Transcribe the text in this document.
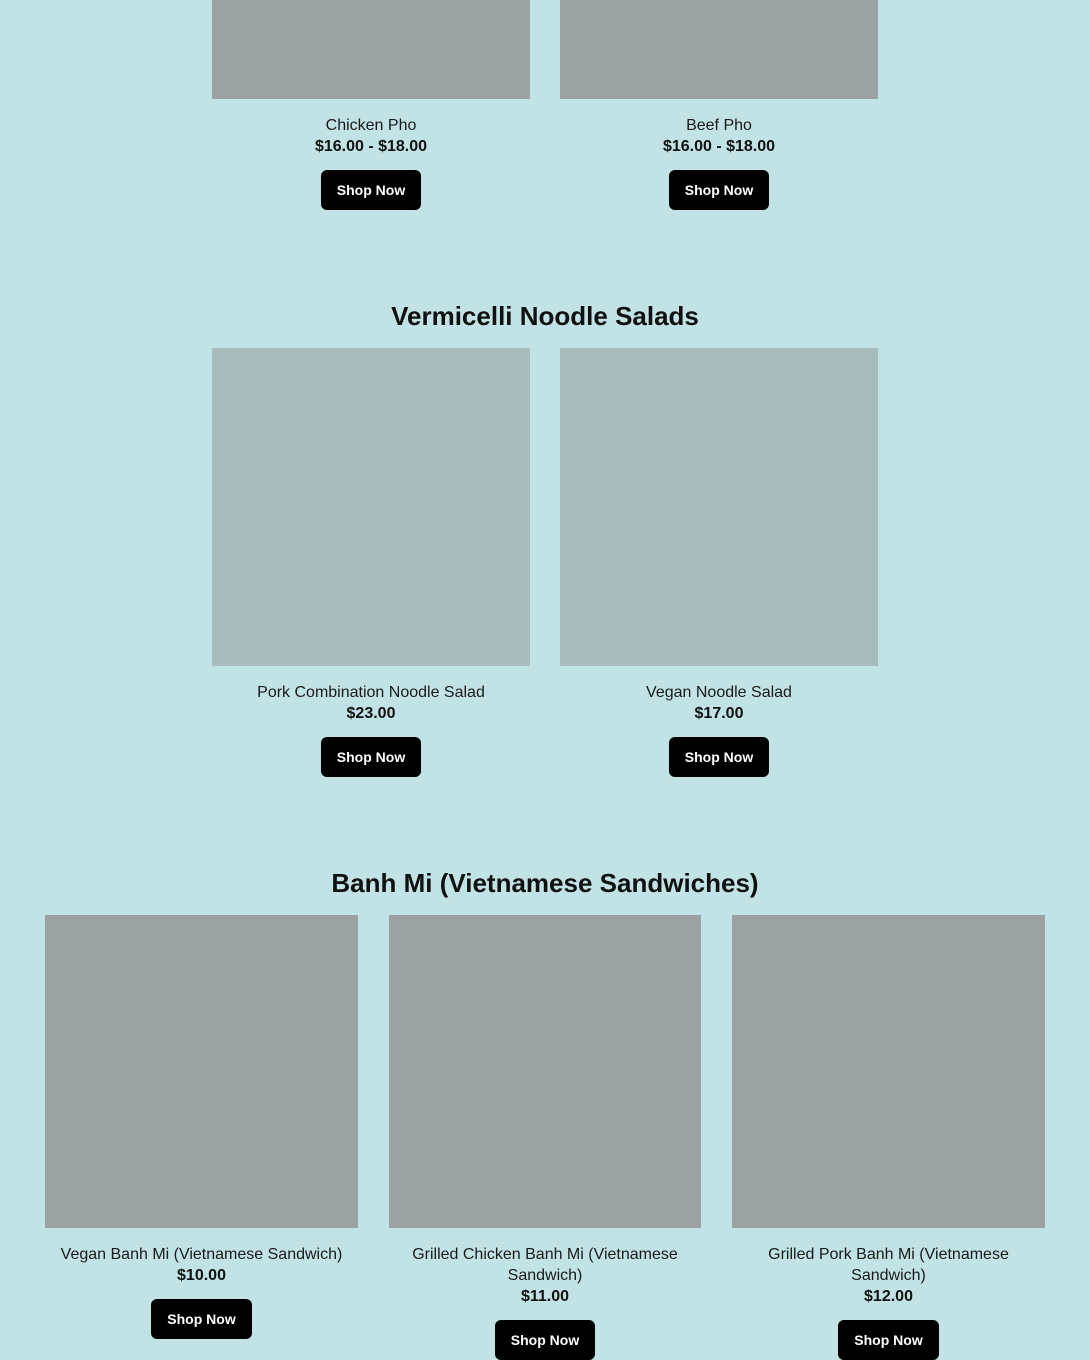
Chicken Pho
$16.00 - $18.00
Shop Now
Beef Pho
$16.00 - $18.00
Shop Now
Vermicelli Noodle Salads
Pork Combination Noodle Salad
$23.00
Shop Now
Vegan Noodle Salad
$17.00
Shop Now
Banh Mi (Vietnamese Sandwiches)
Vegan Banh Mi (Vietnamese Sandwich)
$10.00
Shop Now
Grilled Chicken Banh Mi (Vietnamese Sandwich)
$11.00
Shop Now
Grilled Pork Banh Mi (Vietnamese Sandwich)
$12.00
Shop Now
